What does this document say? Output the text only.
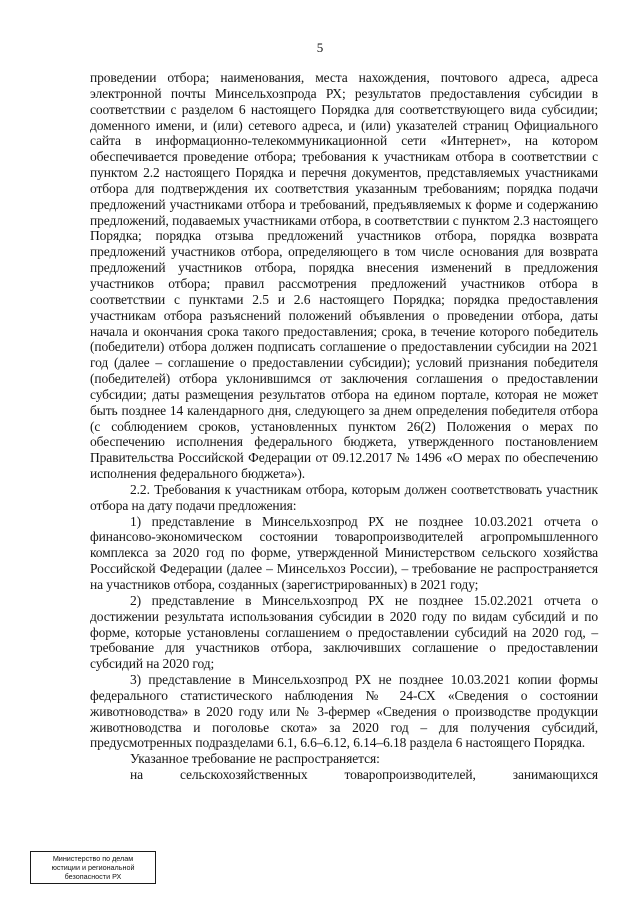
5

проведении отбора; наименования, места нахождения, почтового адреса, адреса электронной почты Минсельхозпрода РХ; результатов предоставления субсидии в соответствии с разделом 6 настоящего Порядка для соответствующего вида субсидии; доменного имени, и (или) сетевого адреса, и (или) указателей страниц Официального сайта в информационно-телекоммуникационной сети «Интернет», на котором обеспечивается проведение отбора; требования к участникам отбора в соответствии с пунктом 2.2 настоящего Порядка и перечня документов, представляемых участниками отбора для подтверждения их соответствия указанным требованиям; порядка подачи предложений участниками отбора и требований, предъявляемых к форме и содержанию предложений, подаваемых участниками отбора, в соответствии с пунктом 2.3 настоящего Порядка; порядка отзыва предложений участников отбора, порядка возврата предложений участников отбора, определяющего в том числе основания для возврата предложений участников отбора, порядка внесения изменений в предложения участников отбора; правил рассмотрения предложений участников отбора в соответствии с пунктами 2.5 и 2.6 настоящего Порядка; порядка предоставления участникам отбора разъяснений положений объявления о проведении отбора, даты начала и окончания срока такого предоставления; срока, в течение которого победитель (победители) отбора должен подписать соглашение о предоставлении субсидии на 2021 год (далее – соглашение о предоставлении субсидии); условий признания победителя (победителей) отбора уклонившимся от заключения соглашения о предоставлении субсидии; даты размещения результатов отбора на едином портале, которая не может быть позднее 14 календарного дня, следующего за днем определения победителя отбора (с соблюдением сроков, установленных пунктом 26(2) Положения о мерах по обеспечению исполнения федерального бюджета, утвержденного постановлением Правительства Российской Федерации от 09.12.2017 № 1496 «О мерах по обеспечению исполнения федерального бюджета»).

2.2. Требования к участникам отбора, которым должен соответствовать участник отбора на дату подачи предложения:

1) представление в Минсельхозпрод РХ не позднее 10.03.2021 отчета о финансово-экономическом состоянии товаропроизводителей агропромышленного комплекса за 2020 год по форме, утвержденной Министерством сельского хозяйства Российской Федерации (далее – Минсельхоз России), – требование не распространяется на участников отбора, созданных (зарегистрированных) в 2021 году;

2) представление в Минсельхозпрод РХ не позднее 15.02.2021 отчета о достижении результата использования субсидии в 2020 году по видам субсидий и по форме, которые установлены соглашением о предоставлении субсидий на 2020 год, – требование для участников отбора, заключивших соглашение о предоставлении субсидий на 2020 год;

3) представление в Минсельхозпрод РХ не позднее 10.03.2021 копии формы федерального статистического наблюдения № 24-СХ «Сведения о состоянии животноводства» в 2020 году или № 3-фермер «Сведения о производстве продукции животноводства и поголовье скота» за 2020 год – для получения субсидий, предусмотренных подразделами 6.1, 6.6–6.12, 6.14–6.18 раздела 6 настоящего Порядка.

Указанное требование не распространяется:

на сельскохозяйственных товаропроизводителей, занимающихся

Министерство по делам
юстиции и региональной
безопасности РХ
